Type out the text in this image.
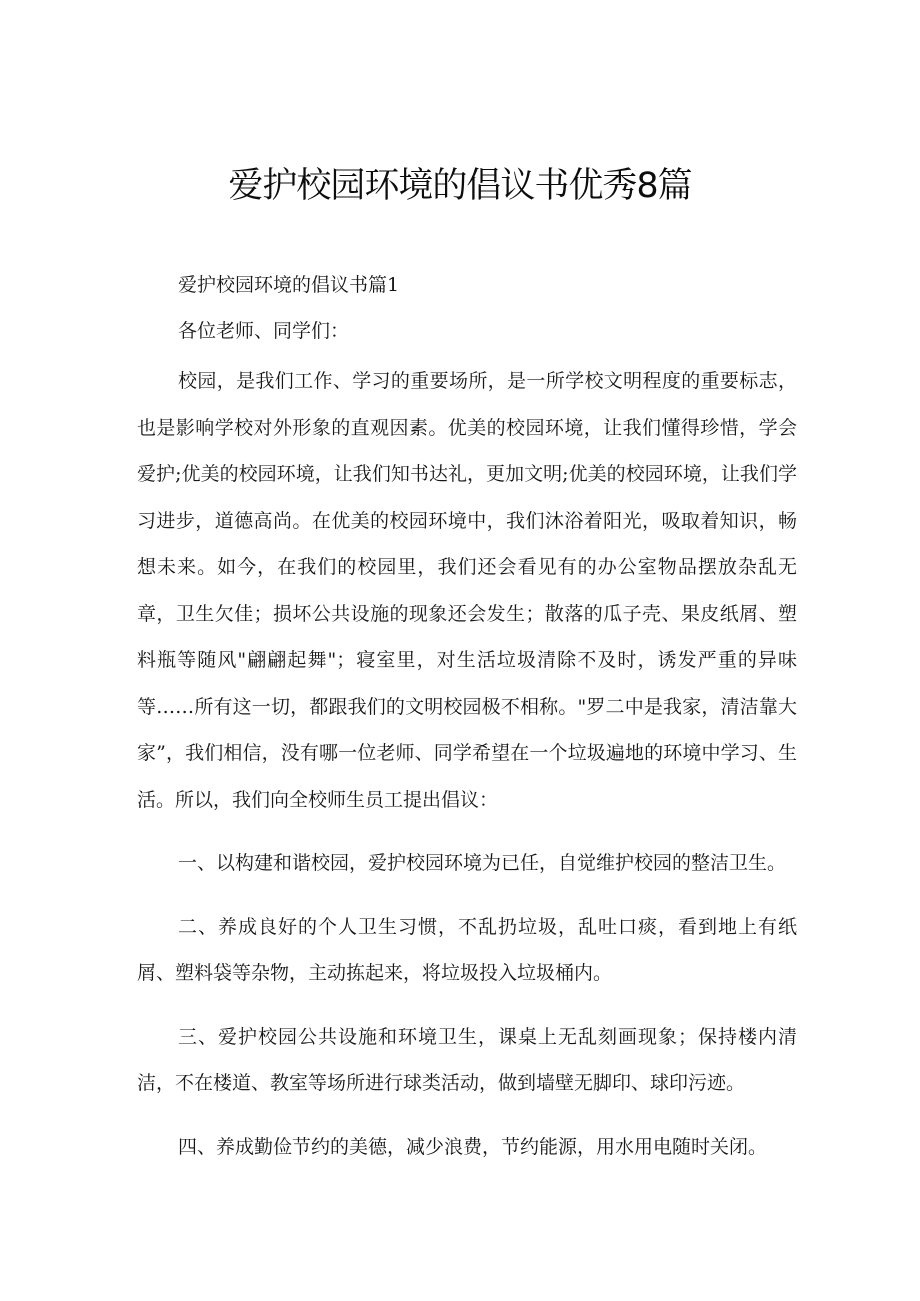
爱护校园环境的倡议书优秀8篇

爱护校园环境的倡议书篇1

各位老师、同学们：

校园，是我们工作、学习的重要场所，是一所学校文明程度的重要标志，也是影响学校对外形象的直观因素。优美的校园环境，让我们懂得珍惜，学会爱护;优美的校园环境，让我们知书达礼，更加文明;优美的校园环境，让我们学习进步，道德高尚。在优美的校园环境中，我们沐浴着阳光，吸取着知识，畅想未来。如今，在我们的校园里，我们还会看见有的办公室物品摆放杂乱无章，卫生欠佳；损坏公共设施的现象还会发生；散落的瓜子壳、果皮纸屑、塑料瓶等随风"翩翩起舞"；寝室里，对生活垃圾清除不及时，诱发严重的异味等……所有这一切，都跟我们的文明校园极不相称。"罗二中是我家，清洁靠大家”，我们相信，没有哪一位老师、同学希望在一个垃圾遍地的环境中学习、生活。所以，我们向全校师生员工提出倡议：

一、以构建和谐校园，爱护校园环境为已任，自觉维护校园的整洁卫生。

二、养成良好的个人卫生习惯，不乱扔垃圾，乱吐口痰，看到地上有纸屑、塑料袋等杂物，主动拣起来，将垃圾投入垃圾桶内。

三、爱护校园公共设施和环境卫生，课桌上无乱刻画现象；保持楼内清洁，不在楼道、教室等场所进行球类活动，做到墙壁无脚印、球印污迹。

四、养成勤俭节约的美德，减少浪费，节约能源，用水用电随时关闭。
